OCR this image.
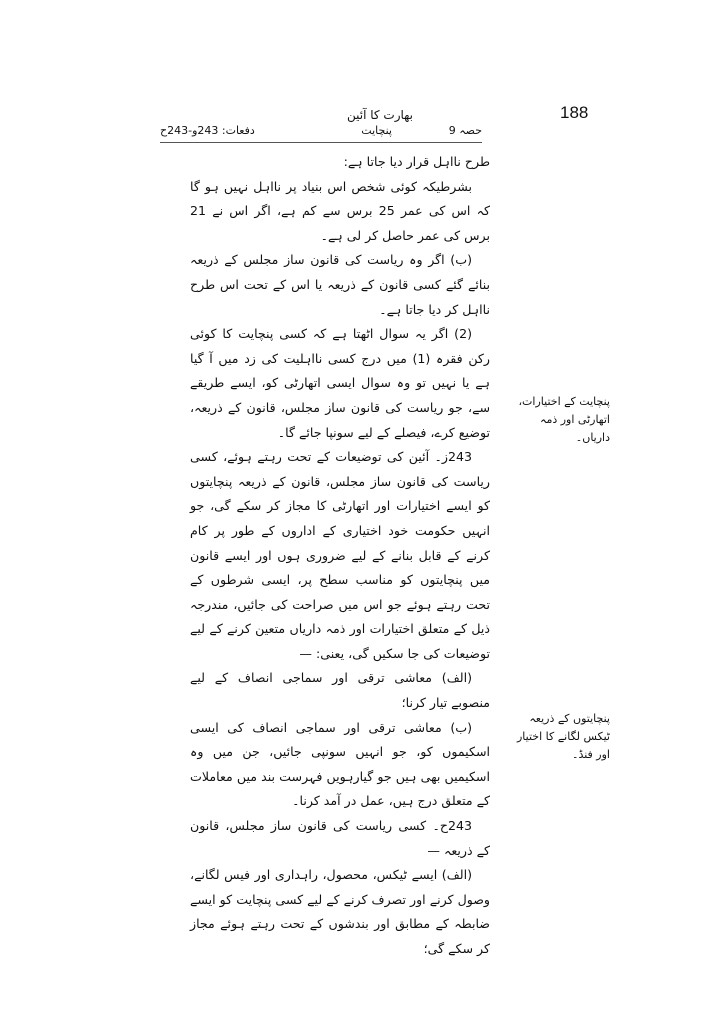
188
بھارت کا آئین
حصہ 9
پنچایت
دفعات: 243و-243ح

طرح نااہل قرار دیا جاتا ہے:

بشرطیکہ کوئی شخص اس بنیاد پر نااہل نہیں ہو گا کہ اس کی عمر 25 برس سے کم ہے، اگر اس نے 21 برس کی عمر حاصل کر لی ہے۔

(ب) اگر وہ ریاست کی قانون ساز مجلس کے ذریعہ بنائے گئے کسی قانون کے ذریعہ یا اس کے تحت اس طرح نااہل کر دیا جاتا ہے۔

(2) اگر یہ سوال اٹھتا ہے کہ کسی پنچایت کا کوئی رکن فقرہ (1) میں درج کسی نااہلیت کی زد میں آ گیا ہے یا نہیں تو وہ سوال ایسی اتھارٹی کو، ایسے طریقے سے، جو ریاست کی قانون ساز مجلس، قانون کے ذریعہ، توضیع کرے، فیصلے کے لیے سونپا جائے گا۔

243ز۔ آئین کی توضیعات کے تحت رہتے ہوئے، کسی ریاست کی قانون ساز مجلس، قانون کے ذریعہ پنچایتوں کو ایسے اختیارات اور اتھارٹی کا مجاز کر سکے گی، جو انہیں حکومت خود اختیاری کے اداروں کے طور پر کام کرنے کے قابل بنانے کے لیے ضروری ہوں اور ایسے قانون میں پنچایتوں کو مناسب سطح پر، ایسی شرطوں کے تحت رہتے ہوئے جو اس میں صراحت کی جائیں، مندرجہ ذیل کے متعلق اختیارات اور ذمہ داریاں متعین کرنے کے لیے توضیعات کی جا سکیں گی، یعنی: —

(الف) معاشی ترقی اور سماجی انصاف کے لیے منصوبے تیار کرنا؛

(ب) معاشی ترقی اور سماجی انصاف کی ایسی اسکیموں کو، جو انہیں سونپی جائیں، جن میں وہ اسکیمیں بھی ہیں جو گیارہویں فہرست بند میں معاملات کے متعلق درج ہیں، عمل در آمد کرنا۔

243ح۔ کسی ریاست کی قانون ساز مجلس، قانون کے ذریعہ —

(الف) ایسے ٹیکس، محصول، راہداری اور فیس لگانے، وصول کرنے اور تصرف کرنے کے لیے کسی پنچایت کو ایسے ضابطہ کے مطابق اور بندشوں کے تحت رہتے ہوئے مجاز کر سکے گی؛

پنچایت کے اختیارات، اتھارٹی اور ذمہ داریاں۔

پنچایتوں کے ذریعہ ٹیکس لگانے کا اختیار اور فنڈ۔
